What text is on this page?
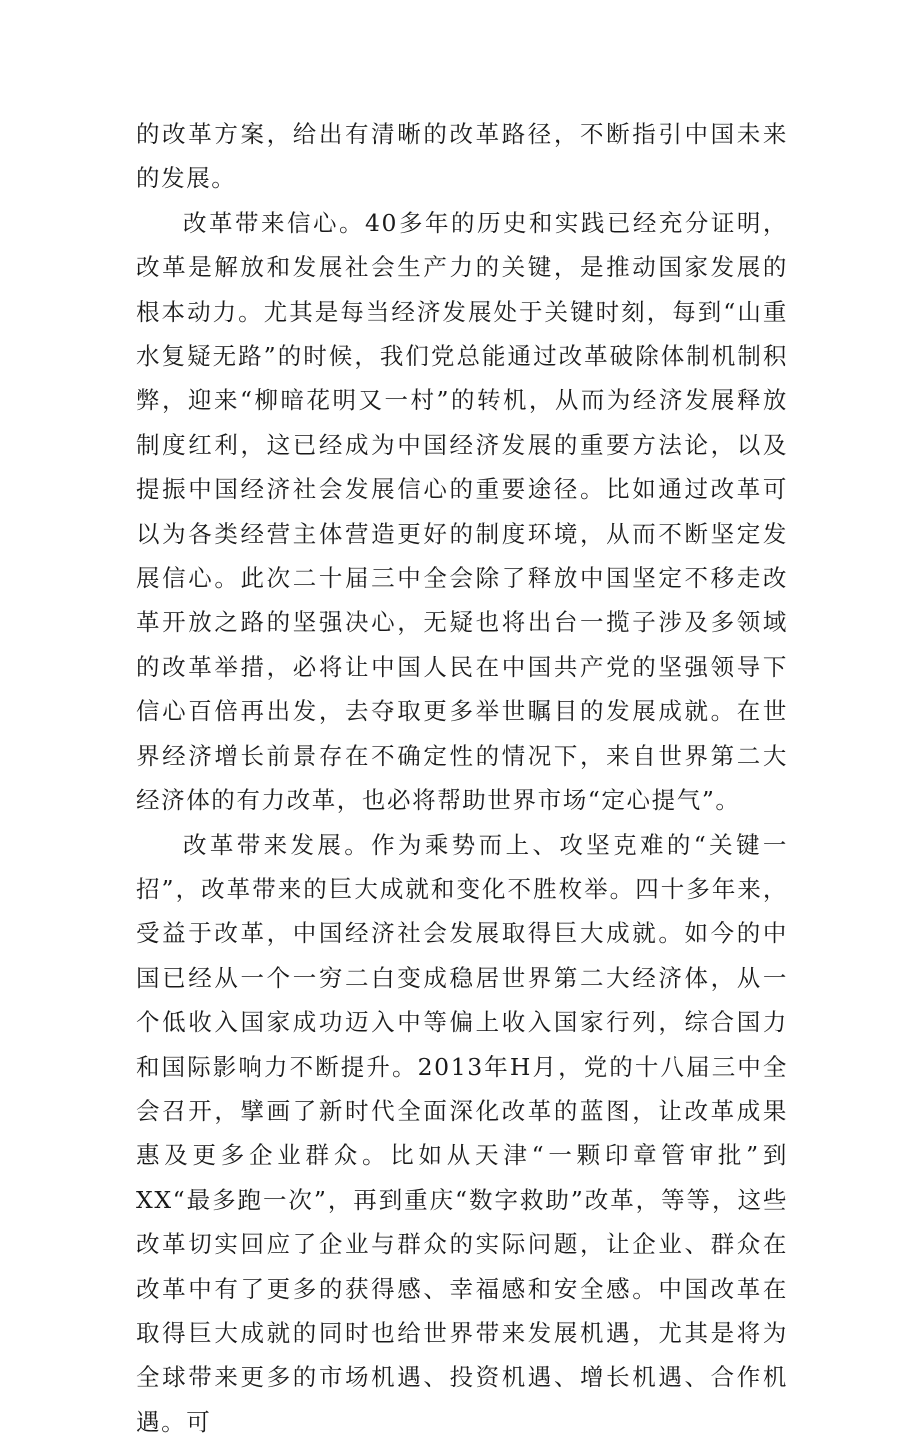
的改革方案，给出有清晰的改革路径，不断指引中国未来的发展。

改革带来信心。40多年的历史和实践已经充分证明，改革是解放和发展社会生产力的关键，是推动国家发展的根本动力。尤其是每当经济发展处于关键时刻，每到“山重水复疑无路”的时候，我们党总能通过改革破除体制机制积弊，迎来“柳暗花明又一村”的转机，从而为经济发展释放制度红利，这已经成为中国经济发展的重要方法论，以及提振中国经济社会发展信心的重要途径。比如通过改革可以为各类经营主体营造更好的制度环境，从而不断坚定发展信心。此次二十届三中全会除了释放中国坚定不移走改革开放之路的坚强决心，无疑也将出台一揽子涉及多领域的改革举措，必将让中国人民在中国共产党的坚强领导下信心百倍再出发，去夺取更多举世瞩目的发展成就。在世界经济增长前景存在不确定性的情况下，来自世界第二大经济体的有力改革，也必将帮助世界市场“定心提气”。

改革带来发展。作为乘势而上、攻坚克难的“关键一招”，改革带来的巨大成就和变化不胜枚举。四十多年来，受益于改革，中国经济社会发展取得巨大成就。如今的中国已经从一个一穷二白变成稳居世界第二大经济体，从一个低收入国家成功迈入中等偏上收入国家行列，综合国力和国际影响力不断提升。2013年H月，党的十八届三中全会召开，擘画了新时代全面深化改革的蓝图，让改革成果惠及更多企业群众。比如从天津“一颗印章管审批”到XX“最多跑一次”，再到重庆“数字救助”改革，等等，这些改革切实回应了企业与群众的实际问题，让企业、群众在改革中有了更多的获得感、幸福感和安全感。中国改革在取得巨大成就的同时也给世界带来发展机遇，尤其是将为全球带来更多的市场机遇、投资机遇、增长机遇、合作机遇。可
